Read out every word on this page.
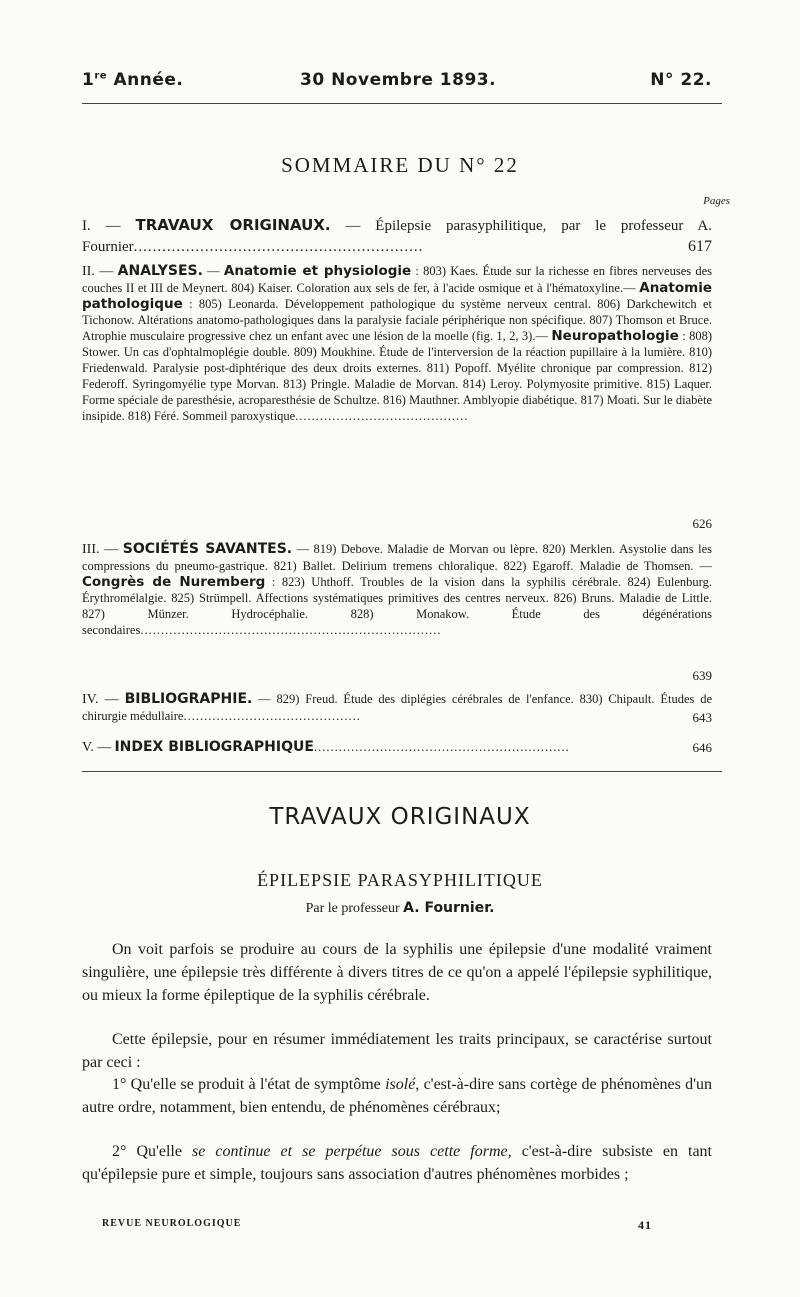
1re Année.	30 Novembre 1893.	N° 22.
SOMMAIRE DU N° 22
Pages
I. — TRAVAUX ORIGINAUX. — Épilepsie parasyphilitique, par le professeur A. Fournier.............................................................	617
II. — ANALYSES. — Anatomie et physiologie : 803) Kaes. Étude sur la richesse en fibres nerveuses des couches II et III de Meynert. 804) Kaiser. Coloration aux sels de fer, à l'acide osmique et à l'hématoxyline.— Anatomie pathologique : 805) Leonarda. Développement pathologique du système nerveux central. 806) Darkchewitch et Tichonow. Altérations anatomo-pathologiques dans la paralysie faciale périphérique non spécifique. 807) Thomson et Bruce. Atrophie musculaire progressive chez un enfant avec une lésion de la moelle (fig. 1, 2, 3).— Neuropathologie : 808) Stower. Un cas d'ophtalmoplégie double. 809) Moukhine. Étude de l'interversion de la réaction pupillaire à la lumière. 810) Friedenwald. Paralysie post-diphtérique des deux droits externes. 811) Popoff. Myélite chronique par compression. 812) Federoff. Syringomyélie type Morvan. 813) Pringle. Maladie de Morvan. 814) Leroy. Polymyosite primitive. 815) Laquer. Forme spéciale de paresthésie, acroparesthésie de Schultze. 816) Mauthner. Amblyopie diabétique. 817) Moati. Sur le diabète insipide. 818) Féré. Sommeil paroxystique..........................................
626
III. — SOCIÉTÉS SAVANTES. — 819) Debove. Maladie de Morvan ou lèpre. 820) Merklen. Asystolie dans les compressions du pneumo-gastrique. 821) Ballet. Delirium tremens chloralique. 822) Egaroff. Maladie de Thomsen. — Congrès de Nuremberg : 823) Uhthoff. Troubles de la vision dans la syphilis cérébrale. 824) Eulenburg. Érythromélalgie. 825) Strümpell. Affections systématiques primitives des centres nerveux. 826) Bruns. Maladie de Little. 827) Münzer. Hydrocéphalie. 828) Monakow. Étude des dégénérations secondaires.........................................................................
639
IV. — BIBLIOGRAPHIE. — 829) Freud. Étude des diplégies cérébrales de l'enfance. 830) Chipault. Études de chirurgie médullaire...........................................	643
V. — INDEX BIBLIOGRAPHIQUE..............................................................	646
TRAVAUX ORIGINAUX
ÉPILEPSIE PARASYPHILITIQUE
Par le professeur A. Fournier.
On voit parfois se produire au cours de la syphilis une épilepsie d'une modalité vraiment singulière, une épilepsie très différente à divers titres de ce qu'on a appelé l'épilepsie syphilitique, ou mieux la forme épileptique de la syphilis cérébrale.
Cette épilepsie, pour en résumer immédiatement les traits principaux, se caractérise surtout par ceci :
1° Qu'elle se produit à l'état de symptôme isolé, c'est-à-dire sans cortège de phénomènes d'un autre ordre, notamment, bien entendu, de phénomènes cérébraux;
2° Qu'elle se continue et se perpétue sous cette forme, c'est-à-dire subsiste en tant qu'épilepsie pure et simple, toujours sans association d'autres phénomènes morbides ;
REVUE NEUROLOGIQUE	41
